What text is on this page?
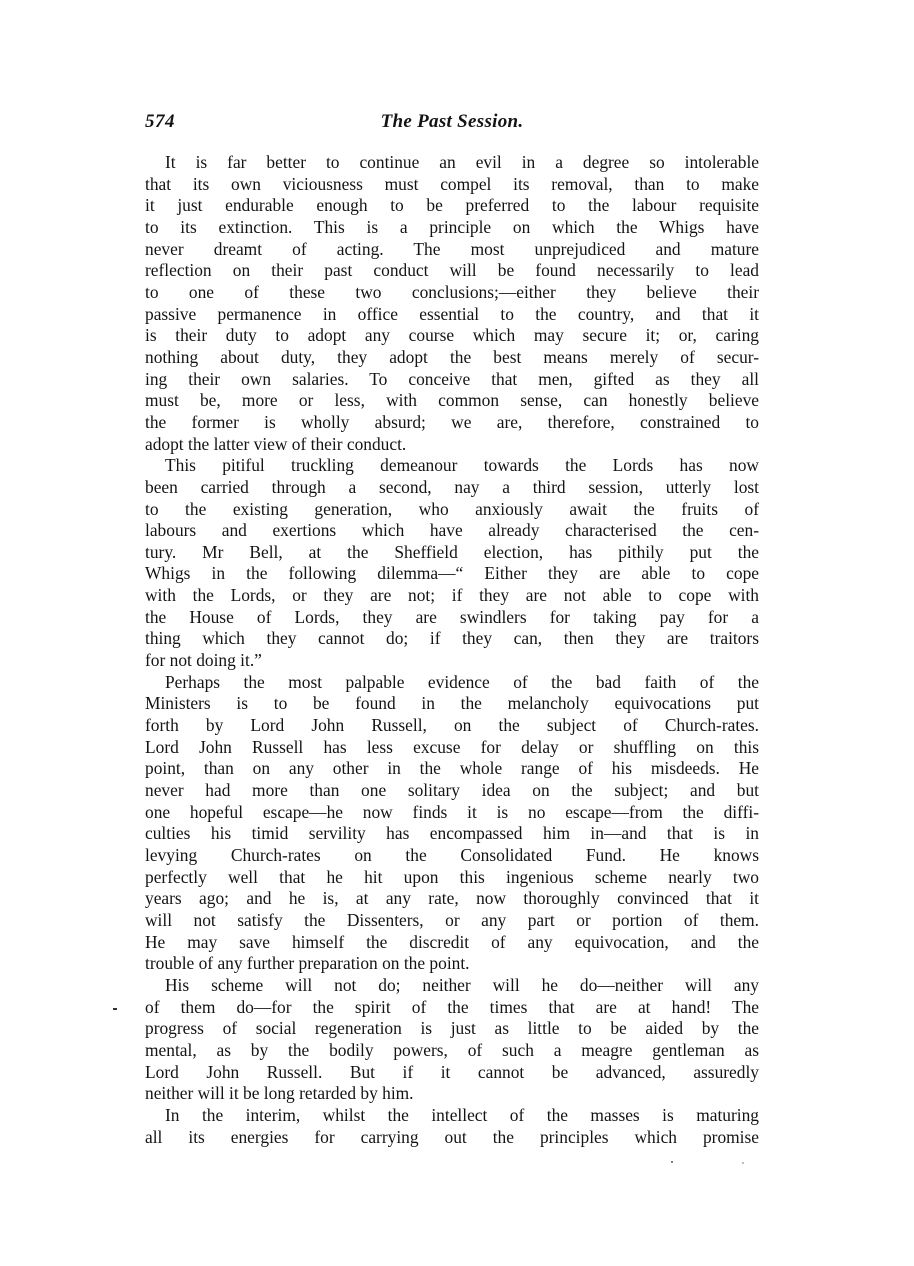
574	The Past Session.
It is far better to continue an evil in a degree so intolerable
that its own viciousness must compel its removal, than to make
it just endurable enough to be preferred to the labour requisite
to its extinction. This is a principle on which the Whigs have
never dreamt of acting. The most unprejudiced and mature
reflection on their past conduct will be found necessarily to lead
to one of these two conclusions;—either they believe their
passive permanence in office essential to the country, and that it
is their duty to adopt any course which may secure it; or, caring
nothing about duty, they adopt the best means merely of secur-
ing their own salaries. To conceive that men, gifted as they all
must be, more or less, with common sense, can honestly believe
the former is wholly absurd; we are, therefore, constrained to
adopt the latter view of their conduct.
This pitiful truckling demeanour towards the Lords has now
been carried through a second, nay a third session, utterly lost
to the existing generation, who anxiously await the fruits of
labours and exertions which have already characterised the cen-
tury. Mr Bell, at the Sheffield election, has pithily put the
Whigs in the following dilemma—“ Either they are able to cope
with the Lords, or they are not; if they are not able to cope with
the House of Lords, they are swindlers for taking pay for a
thing which they cannot do; if they can, then they are traitors
for not doing it.”
Perhaps the most palpable evidence of the bad faith of the
Ministers is to be found in the melancholy equivocations put
forth by Lord John Russell, on the subject of Church-rates.
Lord John Russell has less excuse for delay or shuffling on this
point, than on any other in the whole range of his misdeeds. He
never had more than one solitary idea on the subject; and but
one hopeful escape—he now finds it is no escape—from the diffi-
culties his timid servility has encompassed him in—and that is in
levying Church-rates on the Consolidated Fund. He knows
perfectly well that he hit upon this ingenious scheme nearly two
years ago; and he is, at any rate, now thoroughly convinced that it
will not satisfy the Dissenters, or any part or portion of them.
He may save himself the discredit of any equivocation, and the
trouble of any further preparation on the point.
His scheme will not do; neither will he do—neither will any
of them do—for the spirit of the times that are at hand! The
progress of social regeneration is just as little to be aided by the
mental, as by the bodily powers, of such a meagre gentleman as
Lord John Russell. But if it cannot be advanced, assuredly
neither will it be long retarded by him.
In the interim, whilst the intellect of the masses is maturing
all its energies for carrying out the principles which promise
